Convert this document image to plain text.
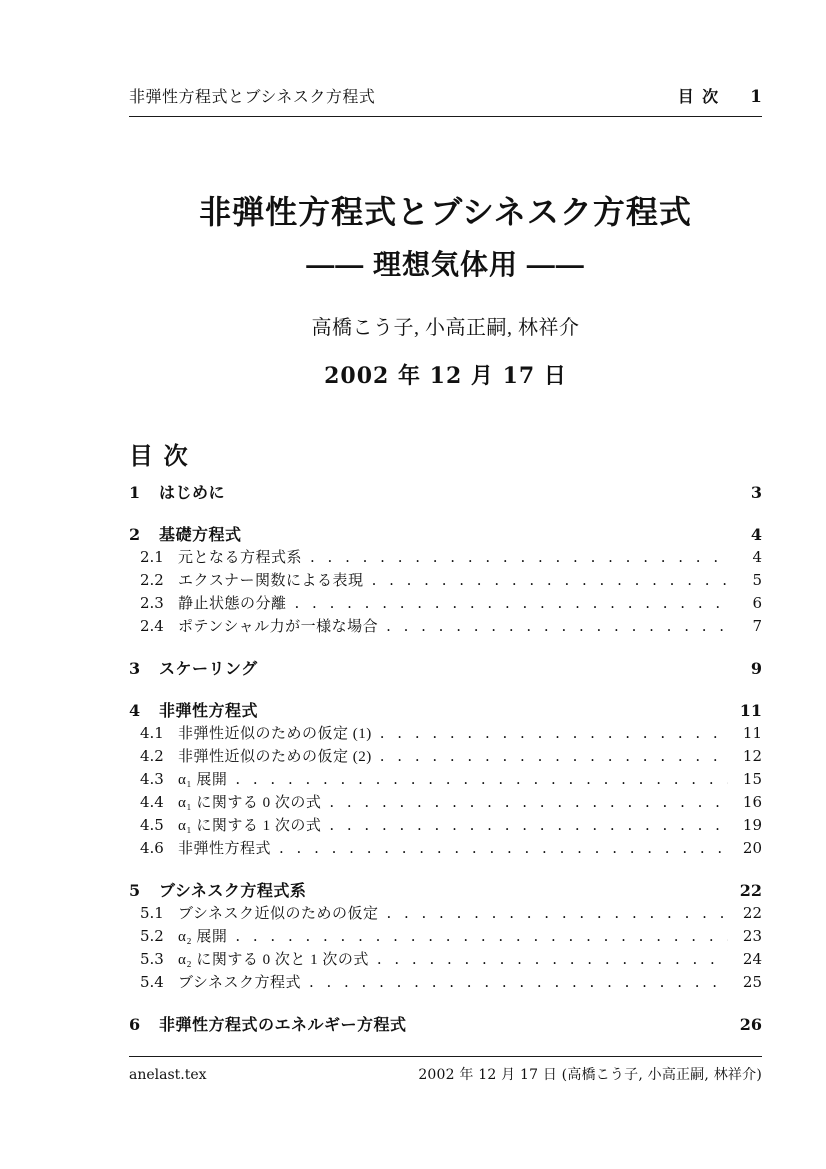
非弾性方程式とブシネスク方程式	目 次 1
非弾性方程式とブシネスク方程式
—— 理想気体用 ——
高橋こう子, 小高正嗣, 林祥介
2002 年 12 月 17 日
目 次
1	はじめに	3
2	基礎方程式	4
2.1 元となる方程式系 . . .	4
2.2 エクスナー関数による表現 . . .	5
2.3 静止状態の分離 . . .	6
2.4 ポテンシャル力が一様な場合 . . .	7
3	スケーリング	9
4	非弾性方程式	11
4.1 非弾性近似のための仮定 (1) . . .	11
4.2 非弾性近似のための仮定 (2) . . .	12
4.3 α₁ 展開 . . .	15
4.4 α₁ に関する 0 次の式 . . .	16
4.5 α₁ に関する 1 次の式 . . .	19
4.6 非弾性方程式 . . .	20
5	ブシネスク方程式系	22
5.1 ブシネスク近似のための仮定 . . .	22
5.2 α₂ 展開 . . .	23
5.3 α₂ に関する 0 次と 1 次の式 . . .	24
5.4 ブシネスク方程式 . . .	25
6	非弾性方程式のエネルギー方程式	26
anelast.tex	2002 年 12 月 17 日 (高橋こう子, 小高正嗣, 林祥介)
